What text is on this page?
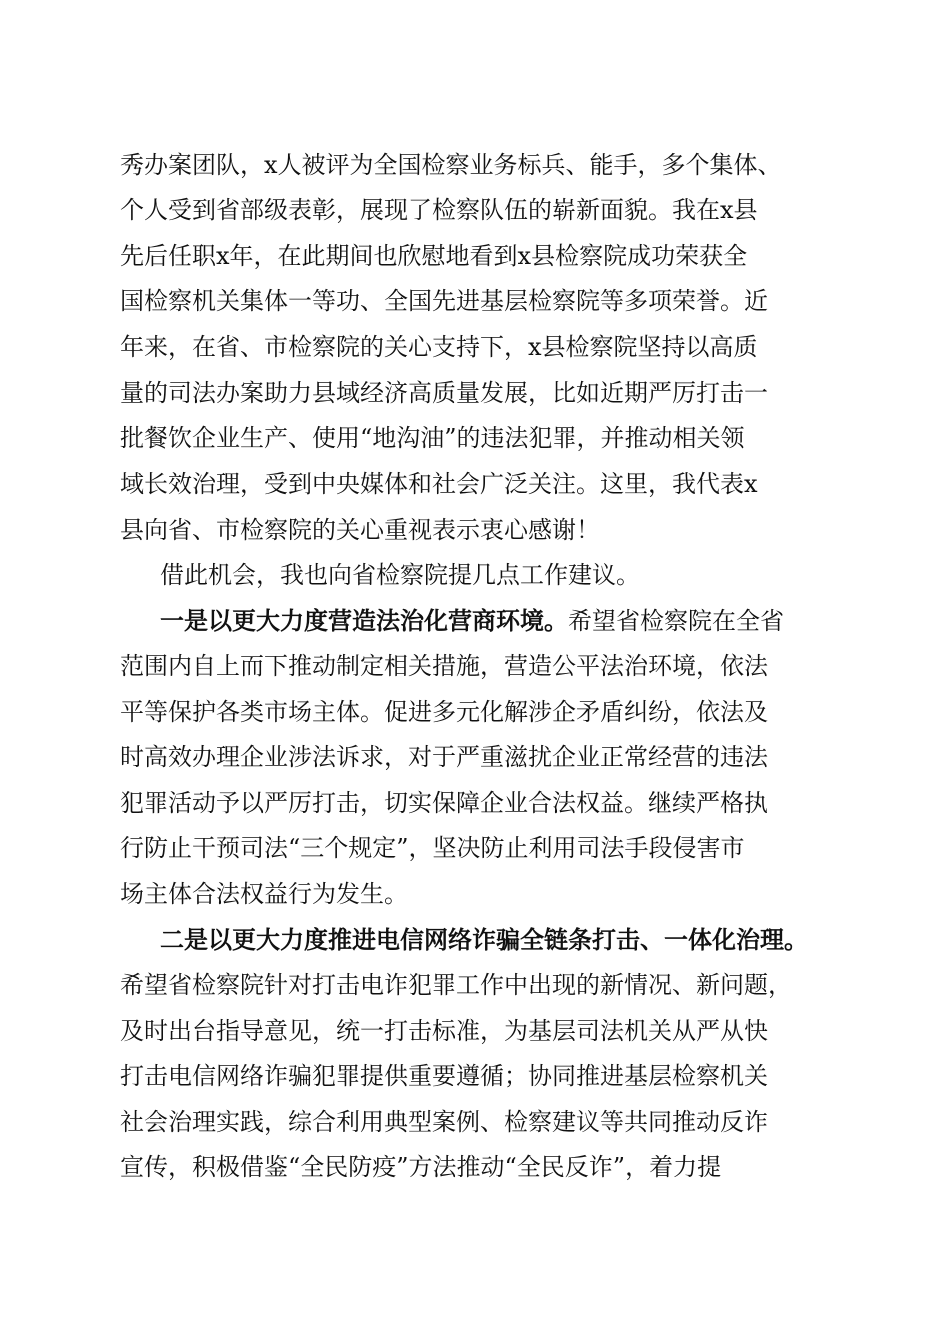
秀办案团队，x人被评为全国检察业务标兵、能手，多个集体、
个人受到省部级表彰，展现了检察队伍的崭新面貌。我在x县
先后任职x年，在此期间也欣慰地看到x县检察院成功荣获全
国检察机关集体一等功、全国先进基层检察院等多项荣誉。近
年来，在省、市检察院的关心支持下，x县检察院坚持以高质
量的司法办案助力县域经济高质量发展，比如近期严厉打击一
批餐饮企业生产、使用“地沟油”的违法犯罪，并推动相关领
域长效治理，受到中央媒体和社会广泛关注。这里，我代表x
县向省、市检察院的关心重视表示衷心感谢！
借此机会，我也向省检察院提几点工作建议。
一是以更大力度营造法治化营商环境。希望省检察院在全省
范围内自上而下推动制定相关措施，营造公平法治环境，依法
平等保护各类市场主体。促进多元化解涉企矛盾纠纷，依法及
时高效办理企业涉法诉求，对于严重滋扰企业正常经营的违法
犯罪活动予以严厉打击，切实保障企业合法权益。继续严格执
行防止干预司法“三个规定”，坚决防止利用司法手段侵害市
场主体合法权益行为发生。
二是以更大力度推进电信网络诈骗全链条打击、一体化治理。
希望省检察院针对打击电诈犯罪工作中出现的新情况、新问题，
及时出台指导意见，统一打击标准，为基层司法机关从严从快
打击电信网络诈骗犯罪提供重要遵循；协同推进基层检察机关
社会治理实践，综合利用典型案例、检察建议等共同推动反诈
宣传，积极借鉴“全民防疫”方法推动“全民反诈”，着力提
